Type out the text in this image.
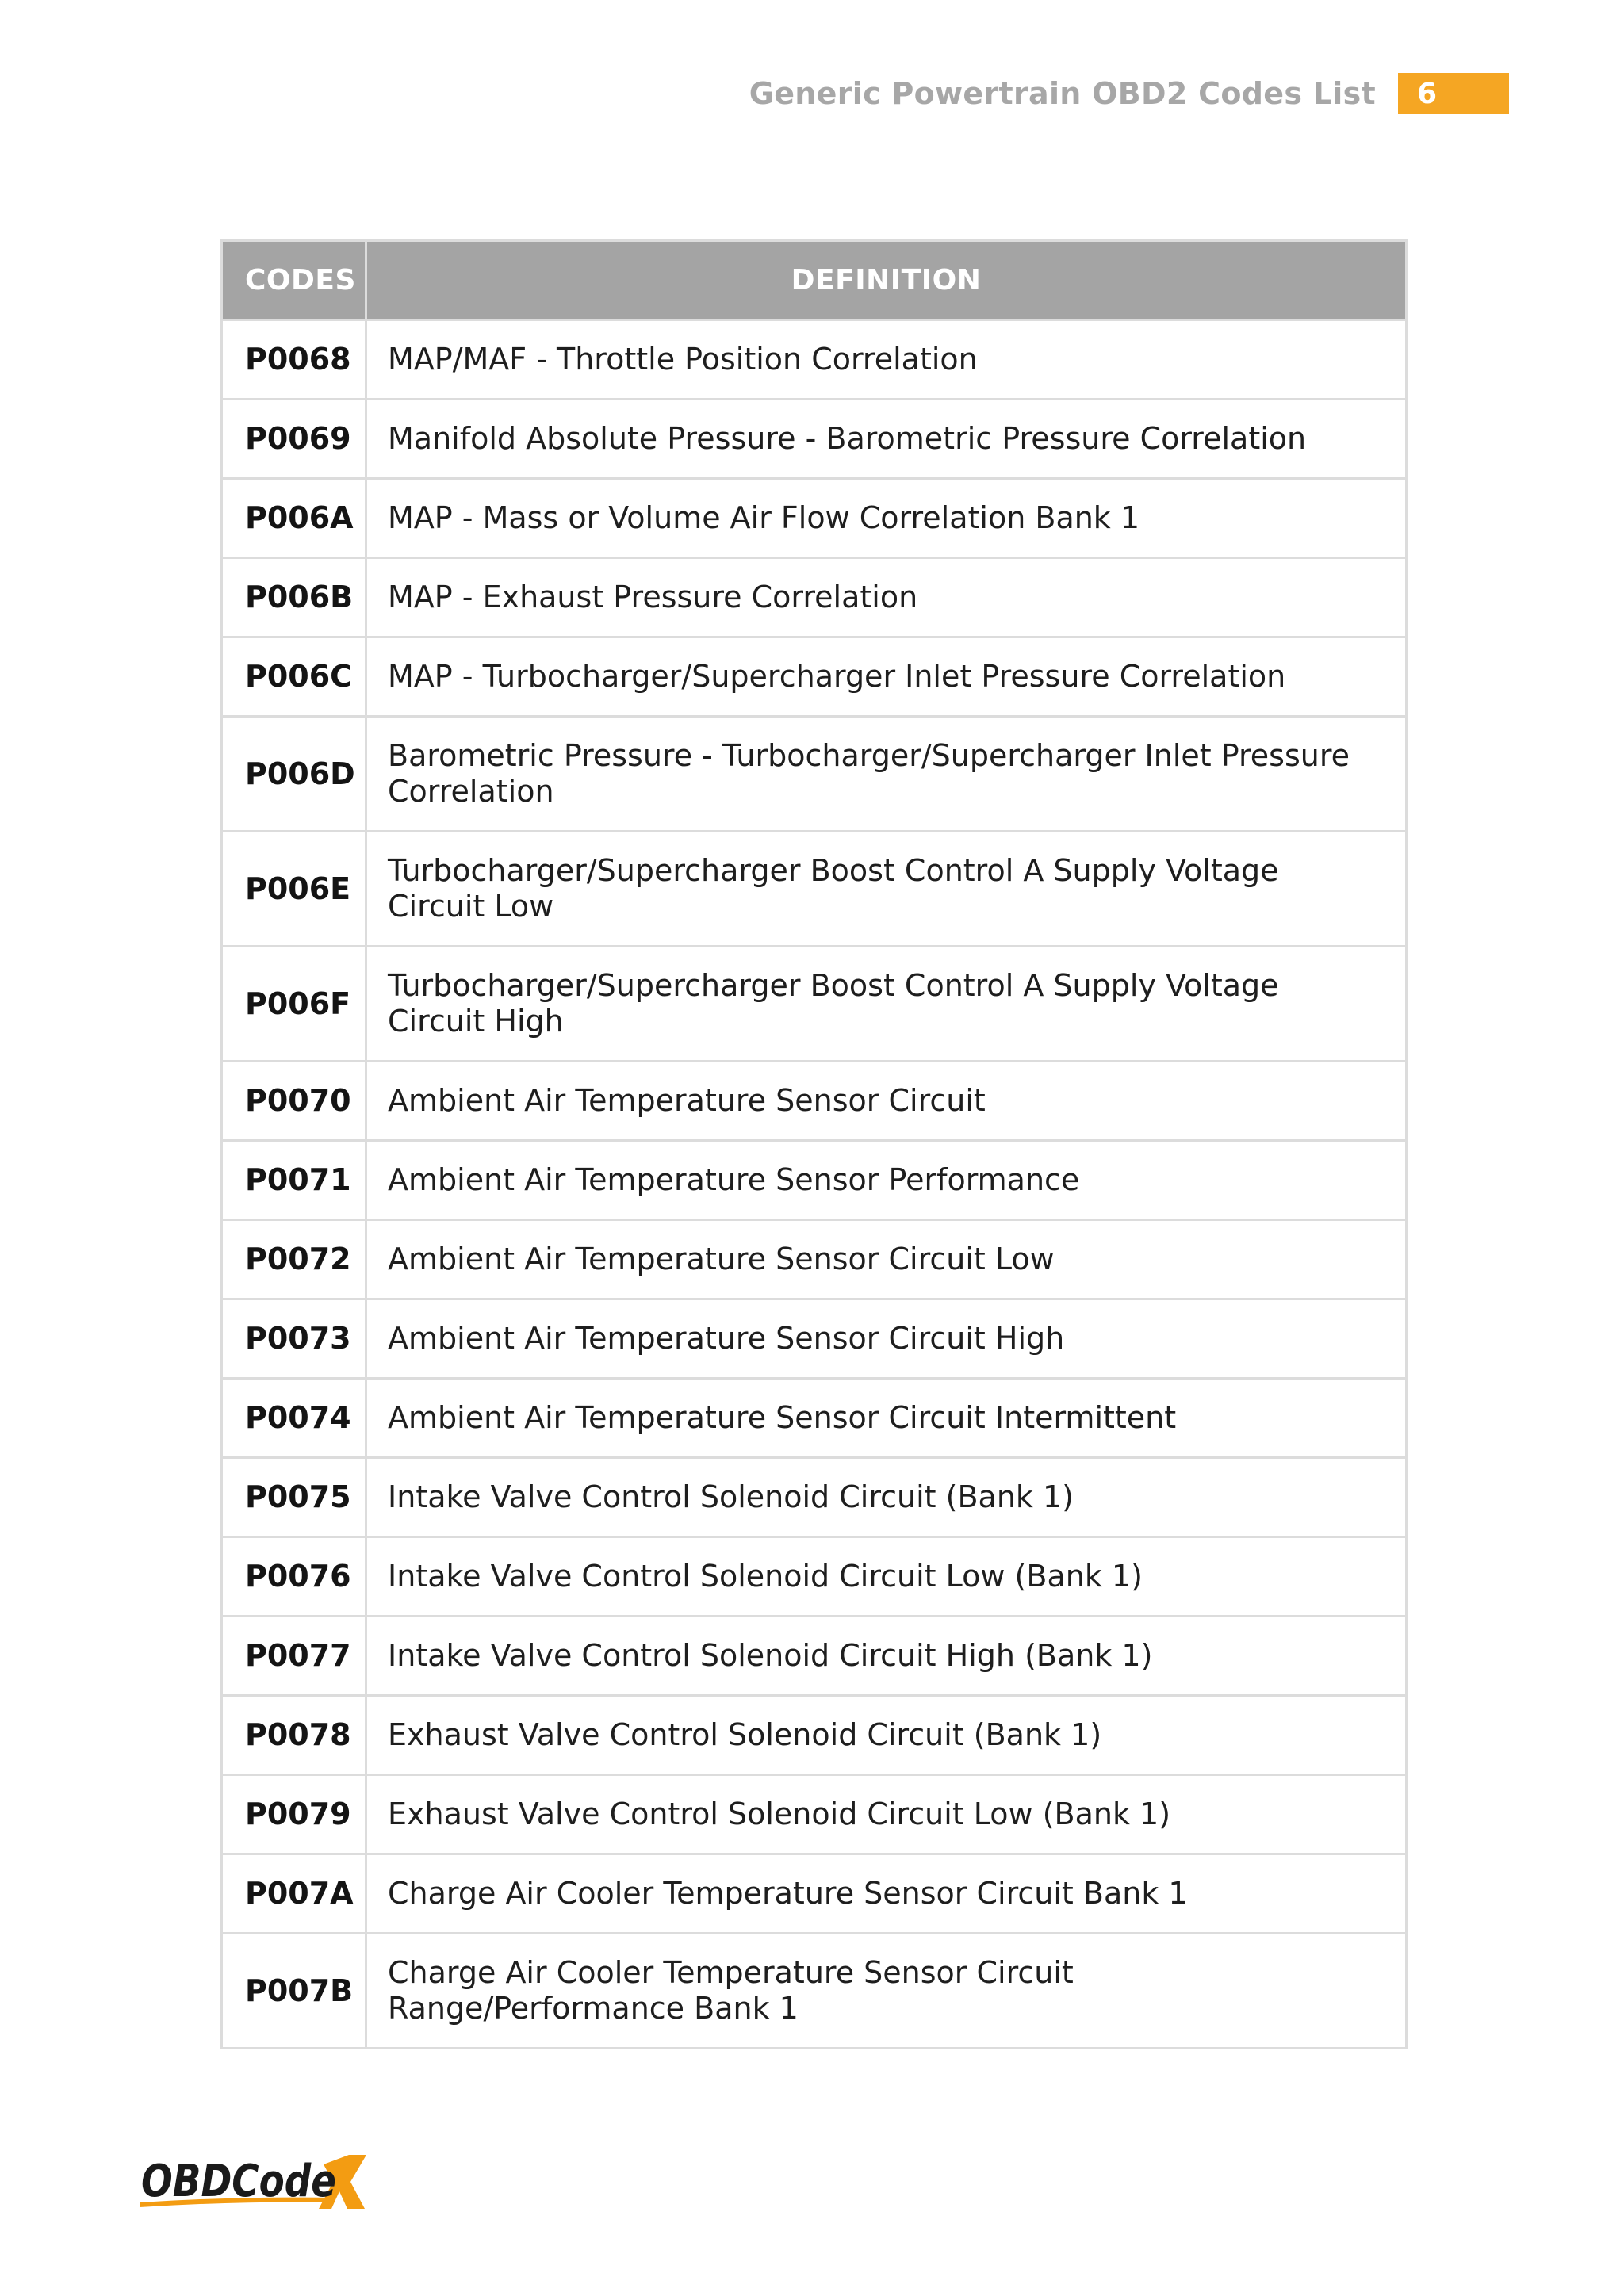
Generic Powertrain OBD2 Codes List	6
CODES	DEFINITION
P0068	MAP/MAF - Throttle Position Correlation
P0069	Manifold Absolute Pressure - Barometric Pressure Correlation
P006A	MAP - Mass or Volume Air Flow Correlation Bank 1
P006B	MAP - Exhaust Pressure Correlation
P006C	MAP - Turbocharger/Supercharger Inlet Pressure Correlation
P006D	Barometric Pressure - Turbocharger/Supercharger Inlet Pressure Correlation
P006E	Turbocharger/Supercharger Boost Control A Supply Voltage Circuit Low
P006F	Turbocharger/Supercharger Boost Control A Supply Voltage Circuit High
P0070	Ambient Air Temperature Sensor Circuit
P0071	Ambient Air Temperature Sensor Performance
P0072	Ambient Air Temperature Sensor Circuit Low
P0073	Ambient Air Temperature Sensor Circuit High
P0074	Ambient Air Temperature Sensor Circuit Intermittent
P0075	Intake Valve Control Solenoid Circuit (Bank 1)
P0076	Intake Valve Control Solenoid Circuit Low (Bank 1)
P0077	Intake Valve Control Solenoid Circuit High (Bank 1)
P0078	Exhaust Valve Control Solenoid Circuit (Bank 1)
P0079	Exhaust Valve Control Solenoid Circuit Low (Bank 1)
P007A	Charge Air Cooler Temperature Sensor Circuit Bank 1
P007B	Charge Air Cooler Temperature Sensor Circuit Range/Performance Bank 1
OBDCode
